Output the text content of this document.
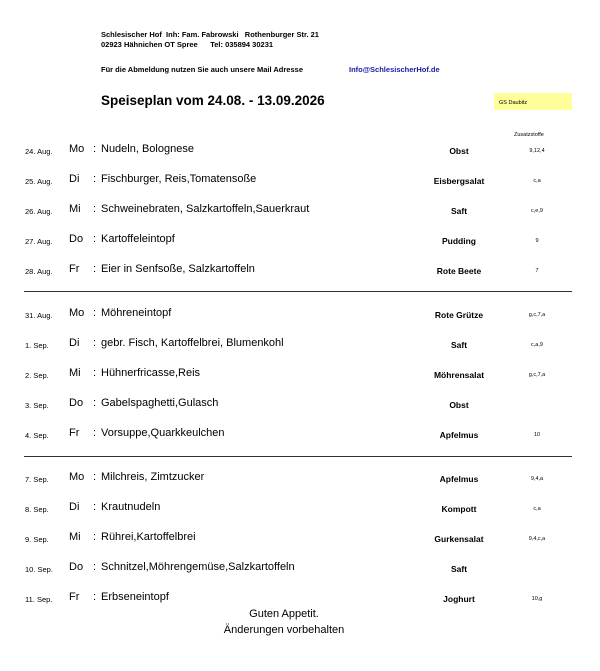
Schlesischer Hof  Inh: Fam. Fabrowski   Rothenburger Str. 21
02923 Hähnichen OT Spree      Tel: 035894 30231
Für die Abmeldung nutzen Sie auch unsere Mail Adresse	Info@SchlesischerHof.de
Speiseplan vom 24.08. - 13.09.2026	GS Daubitz
Zusatzstoffe
24. Aug. Mo : Nudeln, Bolognese	Obst	9,12,4
25. Aug. Di : Fischburger, Reis,Tomatensoße	Eisbergsalat	c,a
26. Aug. Mi : Schweinebraten, Salzkartoffeln,Sauerkraut	Saft	c,e,9
27. Aug. Do : Kartoffeleintopf	Pudding	9
28. Aug. Fr : Eier in Senfsoße, Salzkartoffeln	Rote Beete	7
31. Aug. Mo : Möhreneintopf	Rote Grütze	g,c,7,a
1. Sep. Di : gebr. Fisch, Kartoffelbrei, Blumenkohl	Saft	c,a,9
2. Sep. Mi : Hühnerfricasse,Reis	Möhrensalat	g,c,7,a
3. Sep. Do : Gabelspaghetti,Gulasch	Obst
4. Sep. Fr : Vorsuppe,Quarkkeulchen	Apfelmus	10
7. Sep. Mo : Milchreis, Zimtzucker	Apfelmus	9,4,a
8. Sep. Di : Krautnudeln	Kompott	c,a
9. Sep. Mi : Rührei,Kartoffelbrei	Gurkensalat	9,4,c,a
10. Sep. Do : Schnitzel,Möhrengemüse,Salzkartoffeln	Saft
11. Sep. Fr : Erbseneintopf	Joghurt	10,g
Guten Appetit.
Änderungen vorbehalten
